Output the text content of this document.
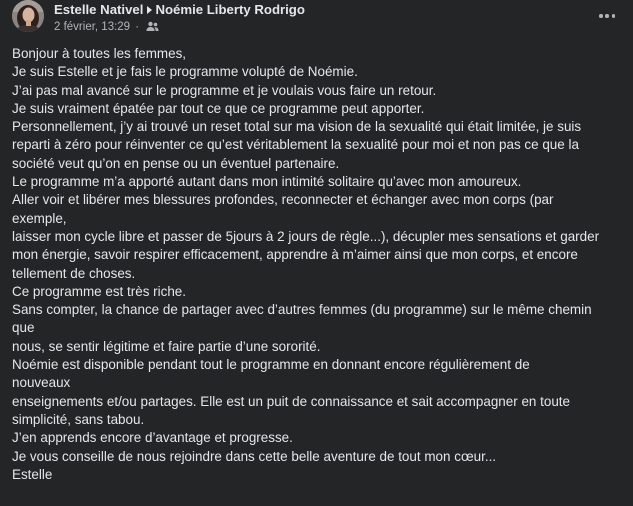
Estelle Nativel Noémie Liberty Rodrigo
2 février, 13:29 ·
Bonjour à toutes les femmes,
Je suis Estelle et je fais le programme volupté de Noémie.
J’ai pas mal avancé sur le programme et je voulais vous faire un retour.
Je suis vraiment épatée par tout ce que ce programme peut apporter.
Personnellement, j’y ai trouvé un reset total sur ma vision de la sexualité qui était limitée, je suis
reparti à zéro pour réinventer ce qu’est véritablement la sexualité pour moi et non pas ce que la
société veut qu’on en pense ou un éventuel partenaire.
Le programme m’a apporté autant dans mon intimité solitaire qu’avec mon amoureux.
Aller voir et libérer mes blessures profondes, reconnecter et échanger avec mon corps (par
exemple,
laisser mon cycle libre et passer de 5jours à 2 jours de règle...), décupler mes sensations et garder
mon énergie, savoir respirer efficacement, apprendre à m’aimer ainsi que mon corps, et encore
tellement de choses.
Ce programme est très riche.
Sans compter, la chance de partager avec d’autres femmes (du programme) sur le même chemin
que
nous, se sentir légitime et faire partie d’une sororité.
Noémie est disponible pendant tout le programme en donnant encore régulièrement de
nouveaux
enseignements et/ou partages. Elle est un puit de connaissance et sait accompagner en toute
simplicité, sans tabou.
J’en apprends encore d’avantage et progresse.
Je vous conseille de nous rejoindre dans cette belle aventure de tout mon cœur...
Estelle
